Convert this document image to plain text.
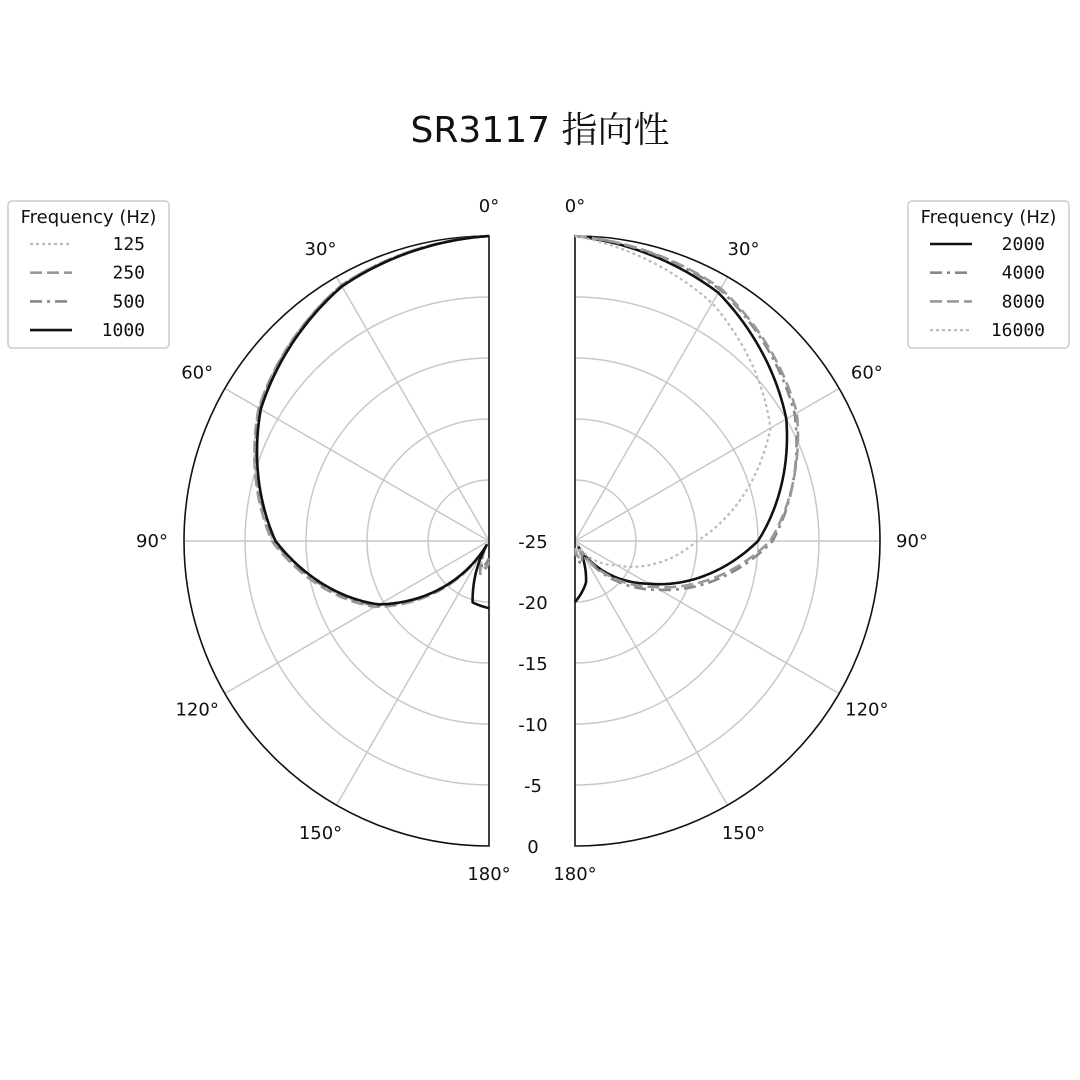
SR3117 指向性
0°
30°
60°
90°
120°
150°
180°
0°
30°
60°
90°
120°
150°
180°
-25
-20
-15
-10
-5
0
Frequency (Hz)
125
250
500
1000
Frequency (Hz)
2000
4000
8000
16000
